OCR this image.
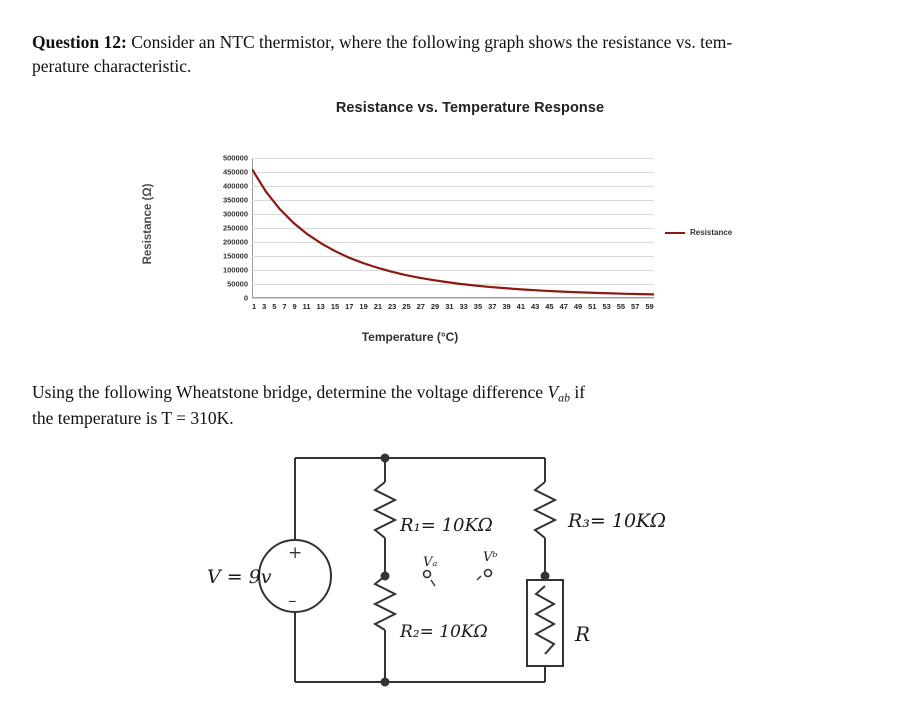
Question 12: Consider an NTC thermistor, where the following graph shows the resistance vs. tem-
perature characteristic.
Resistance vs. Temperature Response
Resistance (Ω)
500000
450000
400000
350000
300000
250000
200000
150000
100000
50000
0
1 3 5 7 9 11 13 15 17 19 21 23 25 27 29 31 33 35 37 39 41 43 45 47 49 51 53 55 57 59
Temperature (°C)
Resistance
Using the following Wheatstone bridge, determine the voltage difference $V_{ab}$ if
the temperature is T = 310K.
+
–
V = 9v
R₁= 10KΩ
R₂= 10KΩ
R₃= 10KΩ
R
Vₐ	Vᵇ
